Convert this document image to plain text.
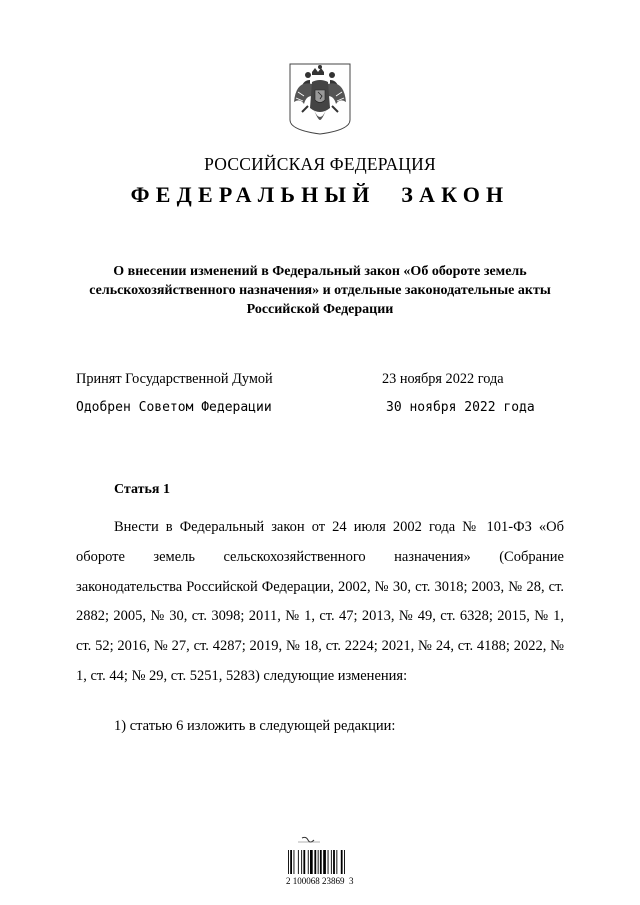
РОССИЙСКАЯ ФЕДЕРАЦИЯ
ФЕДЕРАЛЬНЫЙ ЗАКОН
О внесении изменений в Федеральный закон «Об обороте земель сельскохозяйственного назначения» и отдельные законодательные акты Российской Федерации
Принят Государственной Думой	23 ноября 2022 года
Одобрен Советом Федерации	30 ноября 2022 года
Статья 1
Внести в Федеральный закон от 24 июля 2002 года № 101-ФЗ «Об обороте земель сельскохозяйственного назначения» (Собрание законодательства Российской Федерации, 2002, № 30, ст. 3018; 2003, № 28, ст. 2882; 2005, № 30, ст. 3098; 2011, № 1, ст. 47; 2013, № 49, ст. 6328; 2015, № 1, ст. 52; 2016, № 27, ст. 4287; 2019, № 18, ст. 2224; 2021, № 24, ст. 4188; 2022, № 1, ст. 44; № 29, ст. 5251, 5283) следующие изменения:
1) статью 6 изложить в следующей редакции:
2 100068 23869  3
